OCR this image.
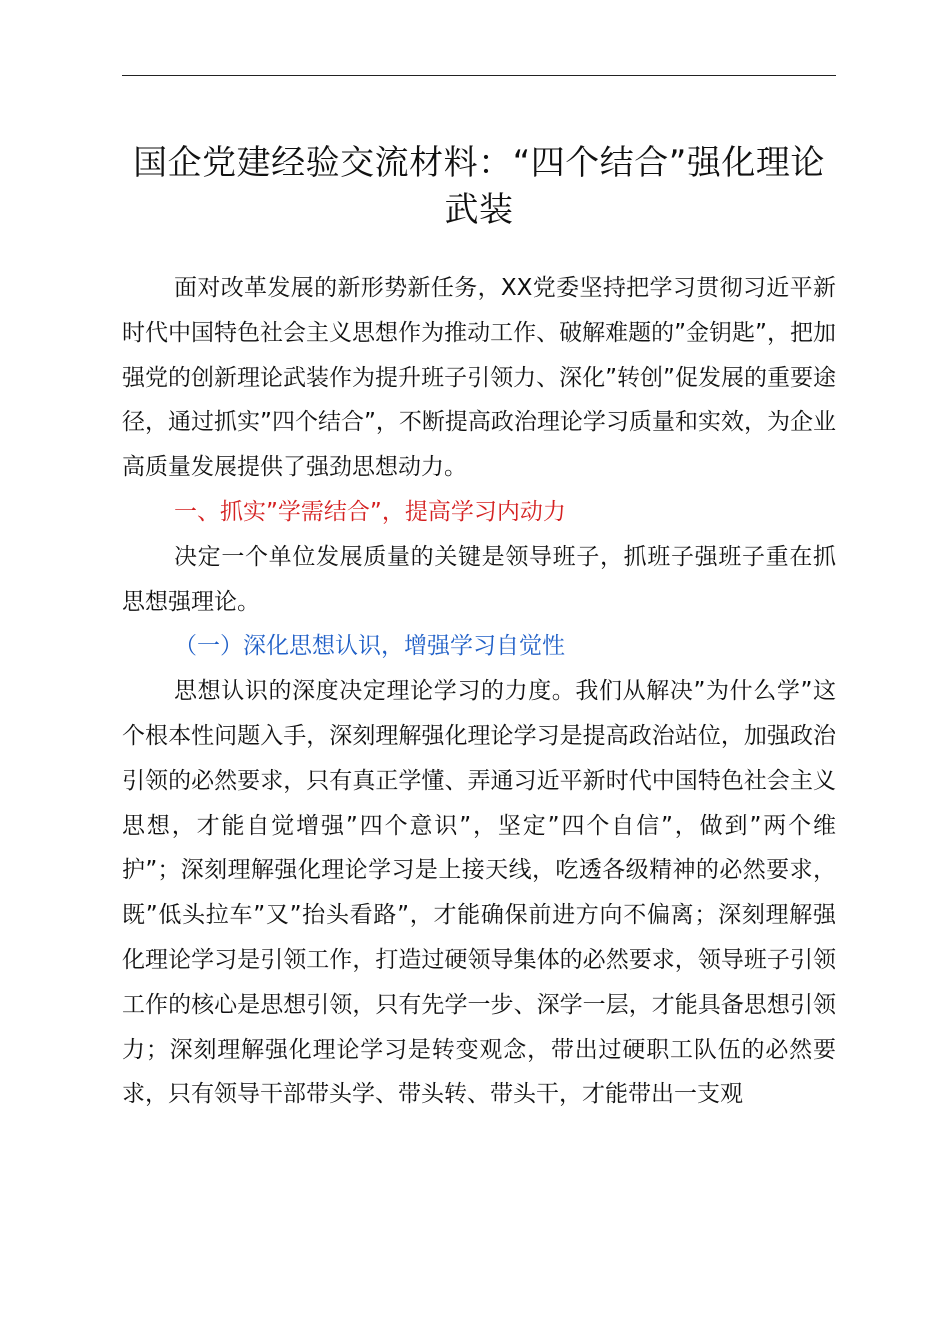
国企党建经验交流材料：“四个结合”强化理论武装

面对改革发展的新形势新任务，XX党委坚持把学习贯彻习近平新时代中国特色社会主义思想作为推动工作、破解难题的”金钥匙”，把加强党的创新理论武装作为提升班子引领力、深化”转创”促发展的重要途径，通过抓实”四个结合”，不断提高政治理论学习质量和实效，为企业高质量发展提供了强劲思想动力。

一、抓实”学需结合”，提高学习内动力

决定一个单位发展质量的关键是领导班子，抓班子强班子重在抓思想强理论。

（一）深化思想认识，增强学习自觉性

思想认识的深度决定理论学习的力度。我们从解决”为什么学”这个根本性问题入手，深刻理解强化理论学习是提高政治站位，加强政治引领的必然要求，只有真正学懂、弄通习近平新时代中国特色社会主义思想，才能自觉增强”四个意识”，坚定”四个自信”，做到”两个维护”；深刻理解强化理论学习是上接天线，吃透各级精神的必然要求，既”低头拉车”又”抬头看路”，才能确保前进方向不偏离；深刻理解强化理论学习是引领工作，打造过硬领导集体的必然要求，领导班子引领工作的核心是思想引领，只有先学一步、深学一层，才能具备思想引领力；深刻理解强化理论学习是转变观念，带出过硬职工队伍的必然要求，只有领导干部带头学、带头转、带头干，才能带出一支观
